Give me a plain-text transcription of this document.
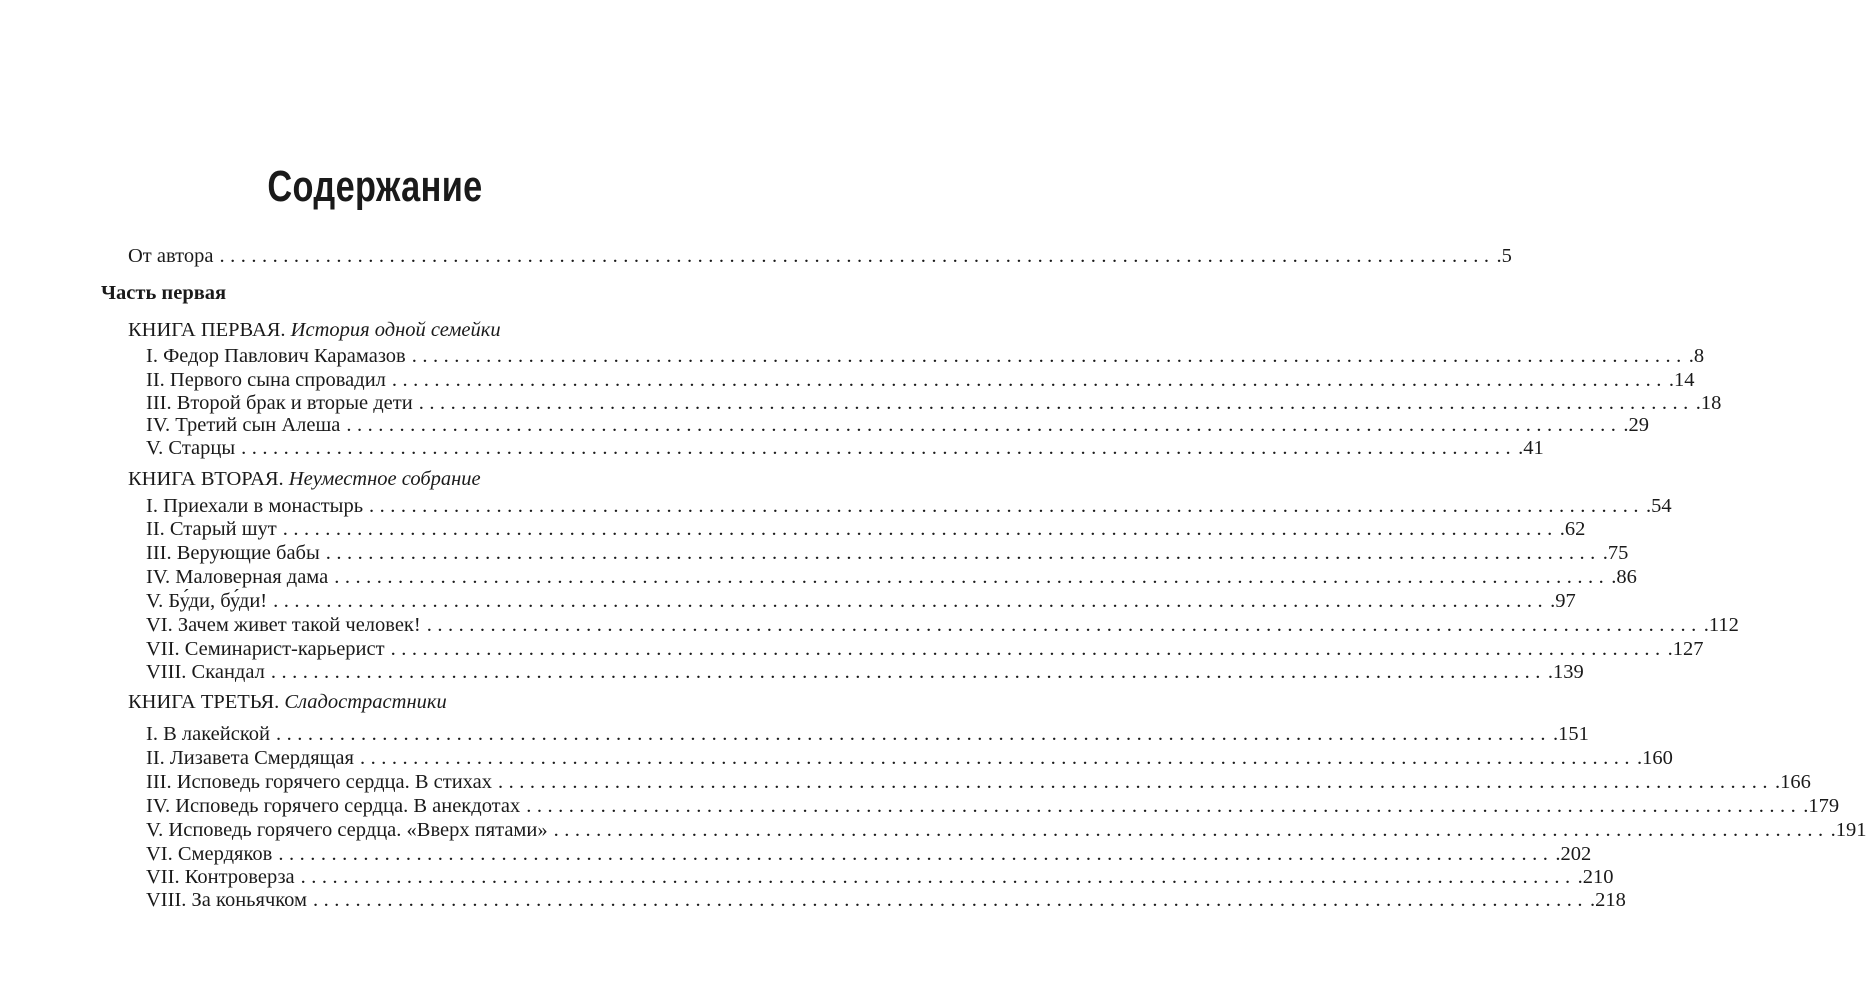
Содержание
От автора ........................................................................................................................ .5
Часть первая
КНИГА ПЕРВАЯ. История одной семейки
I. Федор Павлович Карамазов ........................................................................................................................ .8
II. Первого сына спровадил ........................................................................................................................ .14
III. Второй брак и вторые дети ........................................................................................................................ .18
IV. Третий сын Алеша ........................................................................................................................ .29
V. Старцы ........................................................................................................................ .41
КНИГА ВТОРАЯ. Неуместное собрание
I. Приехали в монастырь ........................................................................................................................ .54
II. Старый шут ........................................................................................................................ .62
III. Верующие бабы ........................................................................................................................ .75
IV. Маловерная дама ........................................................................................................................ .86
V. Бу́ди, бу́ди! ........................................................................................................................ .97
VI. Зачем живет такой человек! ........................................................................................................................ .112
VII. Семинарист-карьерист ........................................................................................................................ .127
VIII. Скандал ........................................................................................................................ .139
КНИГА ТРЕТЬЯ. Сладострастники
I. В лакейской ........................................................................................................................ .151
II. Лизавета Смердящая ........................................................................................................................ .160
III. Исповедь горячего сердца. В стихах ........................................................................................................................ .166
IV. Исповедь горячего сердца. В анекдотах ........................................................................................................................ .179
V. Исповедь горячего сердца. «Вверх пятами» ........................................................................................................................ .191
VI. Смердяков ........................................................................................................................ .202
VII. Контроверза ........................................................................................................................ .210
VIII. За коньячком ........................................................................................................................ .218
